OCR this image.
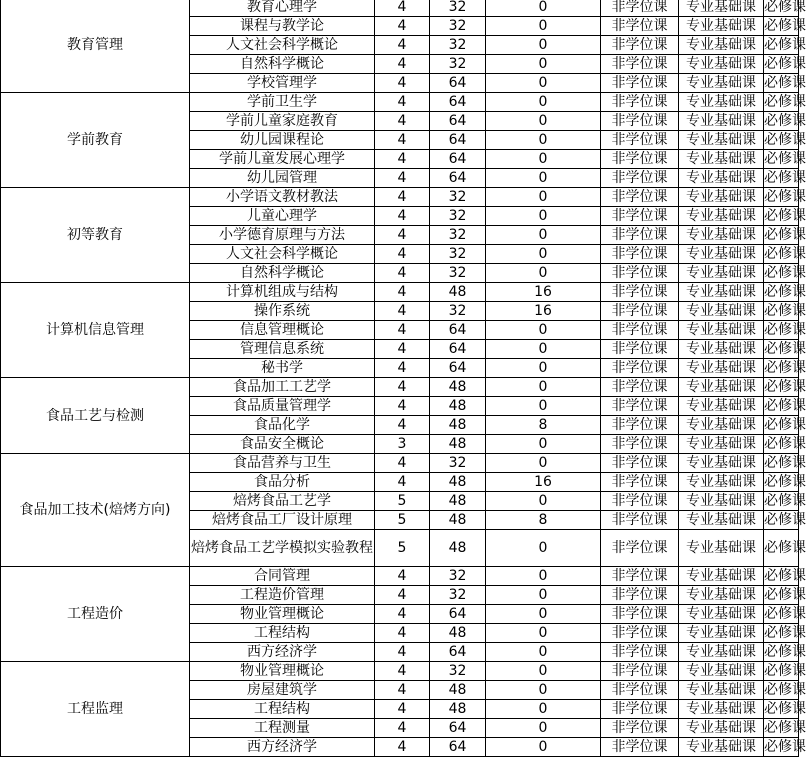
教育管理	教育心理学	4	32	0	非学位课	专业基础课	必修课	
	课程与教学论	4	32	0	非学位课	专业基础课	必修课	
	人文社会科学概论	4	32	0	非学位课	专业基础课	必修课	
	自然科学概论	4	32	0	非学位课	专业基础课	必修课	
	学校管理学	4	64	0	非学位课	专业基础课	必修课	
学前教育	学前卫生学	4	64	0	非学位课	专业基础课	必修课	
	学前儿童家庭教育	4	64	0	非学位课	专业基础课	必修课	
	幼儿园课程论	4	64	0	非学位课	专业基础课	必修课	
	学前儿童发展心理学	4	64	0	非学位课	专业基础课	必修课	
	幼儿园管理	4	64	0	非学位课	专业基础课	必修课	
初等教育	小学语文教材教法	4	32	0	非学位课	专业基础课	必修课	
	儿童心理学	4	32	0	非学位课	专业基础课	必修课	
	小学德育原理与方法	4	32	0	非学位课	专业基础课	必修课	
	人文社会科学概论	4	32	0	非学位课	专业基础课	必修课	
	自然科学概论	4	32	0	非学位课	专业基础课	必修课	
计算机信息管理	计算机组成与结构	4	48	16	非学位课	专业基础课	必修课	
	操作系统	4	32	16	非学位课	专业基础课	必修课	
	信息管理概论	4	64	0	非学位课	专业基础课	必修课	
	管理信息系统	4	64	0	非学位课	专业基础课	必修课	
	秘书学	4	64	0	非学位课	专业基础课	必修课	
食品工艺与检测	食品加工工艺学	4	48	0	非学位课	专业基础课	必修课	
	食品质量管理学	4	48	0	非学位课	专业基础课	必修课	
	食品化学	4	48	8	非学位课	专业基础课	必修课	
	食品安全概论	3	48	0	非学位课	专业基础课	必修课	
食品加工技术(焙烤方向)	食品营养与卫生	4	32	0	非学位课	专业基础课	必修课	
	食品分析	4	48	16	非学位课	专业基础课	必修课	
	焙烤食品工艺学	5	48	0	非学位课	专业基础课	必修课	
	焙烤食品工厂设计原理	5	48	8	非学位课	专业基础课	必修课	
	焙烤食品工艺学模拟实验教程	5	48	0	非学位课	专业基础课	必修课	
工程造价	合同管理	4	32	0	非学位课	专业基础课	必修课	
	工程造价管理	4	32	0	非学位课	专业基础课	必修课	
	物业管理概论	4	64	0	非学位课	专业基础课	必修课	
	工程结构	4	48	0	非学位课	专业基础课	必修课	
	西方经济学	4	64	0	非学位课	专业基础课	必修课	
工程监理	物业管理概论	4	32	0	非学位课	专业基础课	必修课	
	房屋建筑学	4	48	0	非学位课	专业基础课	必修课	
	工程结构	4	48	0	非学位课	专业基础课	必修课	
	工程测量	4	64	0	非学位课	专业基础课	必修课	
	西方经济学	4	64	0	非学位课	专业基础课	必修课	
